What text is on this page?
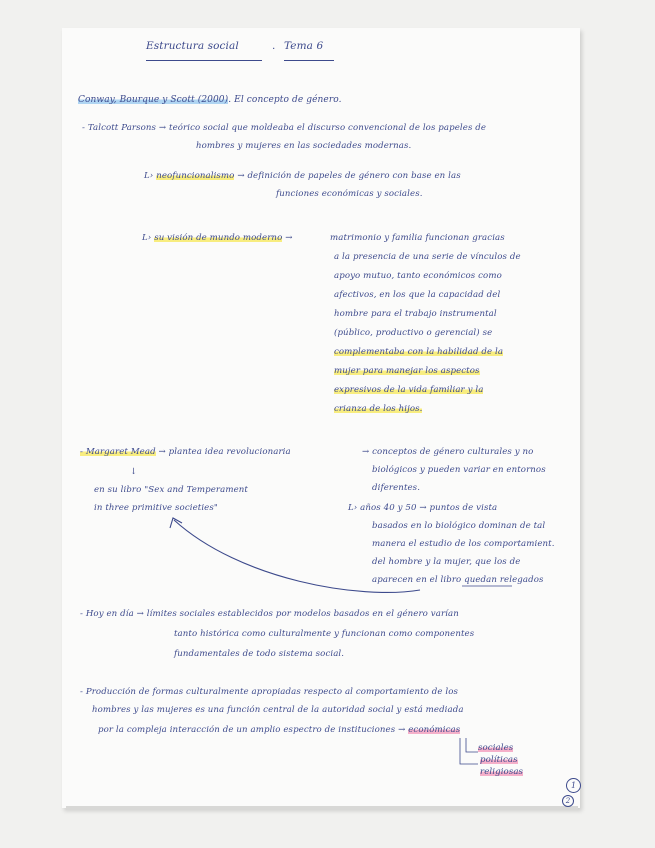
Estructura social	. Tema 6
Conway, Bourque y Scott (2000). El concepto de género.
- Talcott Parsons → teórico social que moldeaba el discurso convencional de los papeles de
hombres y mujeres en las sociedades modernas.
L› neofuncionalismo → definición de papeles de género con base en las
funciones económicas y sociales.
L› su visión de mundo moderno →	matrimonio y familia funcionan gracias
a la presencia de una serie de vínculos de
apoyo mutuo, tanto económicos como
afectivos, en los que la capacidad del
hombre para el trabajo instrumental
(público, productivo o gerencial) se
complementaba con la habilidad de la
mujer para manejar los aspectos
expresivos de la vida familiar y la
crianza de los hijos.
- Margaret Mead → plantea idea revolucionaria	→ conceptos de género culturales y no
biológicos y pueden variar en entornos
diferentes.
↓
en su libro "Sex and Temperament
in three primitive societies"	L› años 40 y 50 → puntos de vista
basados en lo biológico dominan de tal
manera el estudio de los comportamient.
del hombre y la mujer, que los de
aparecen en el libro quedan relegados
- Hoy en día → límites sociales establecidos por modelos basados en el género varían
tanto histórica como culturalmente y funcionan como componentes
fundamentales de todo sistema social.
- Producción de formas culturalmente apropiadas respecto al comportamiento de los
hombres y las mujeres es una función central de la autoridad social y está mediada
por la compleja interacción de un amplio espectro de instituciones → económicas
sociales
políticas
religiosas
1
2
